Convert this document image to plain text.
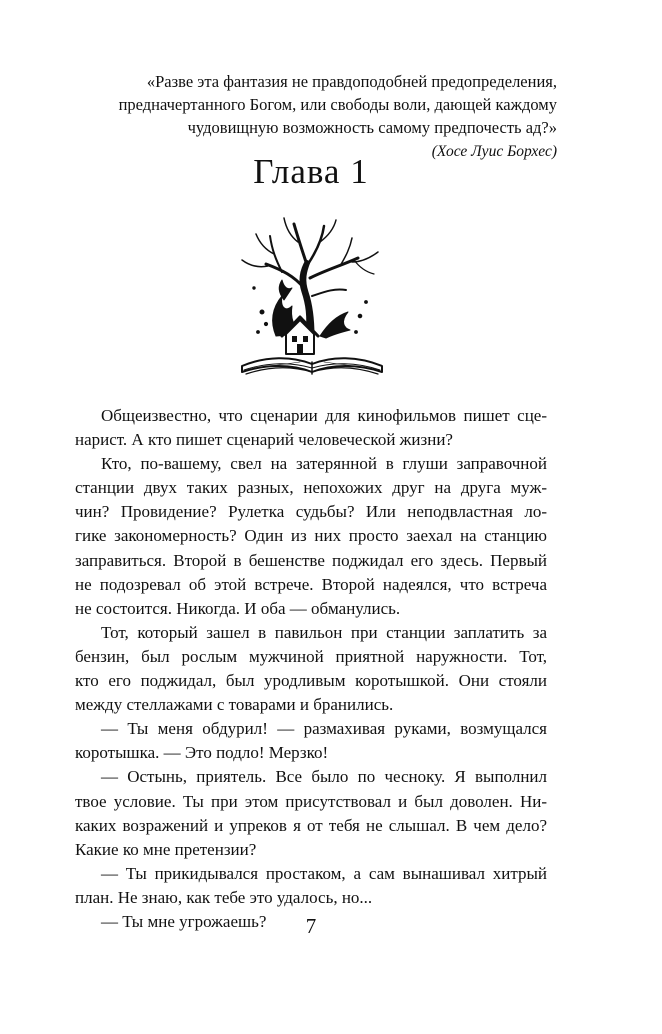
«Разве эта фантазия не правдоподобней предопределения,
предначертанного Богом, или свободы воли, дающей каждому
чудовищную возможность самому предпочесть ад?»
(Хосе Луис Борхес)
Глава 1
Общеизвестно, что сценарии для кинофильмов пишет сце-
нарист. А кто пишет сценарий человеческой жизни?
Кто, по-вашему, свел на затерянной в глуши заправочной
станции двух таких разных, непохожих друг на друга муж-
чин? Провидение? Рулетка судьбы? Или неподвластная ло-
гике закономерность? Один из них просто заехал на станцию
заправиться. Второй в бешенстве поджидал его здесь. Первый
не подозревал об этой встрече. Второй надеялся, что встреча
не состоится. Никогда. И оба — обманулись.
Тот, который зашел в павильон при станции заплатить за
бензин, был рослым мужчиной приятной наружности. Тот,
кто его поджидал, был уродливым коротышкой. Они стояли
между стеллажами с товарами и бранились.
— Ты меня обдурил! — размахивая руками, возмущался
коротышка. — Это подло! Мерзко!
— Остынь, приятель. Все было по чесноку. Я выполнил
твое условие. Ты при этом присутствовал и был доволен. Ни-
каких возражений и упреков я от тебя не слышал. В чем дело?
Какие ко мне претензии?
— Ты прикидывался простаком, а сам вынашивал хитрый
план. Не знаю, как тебе это удалось, но...
— Ты мне угрожаешь?	7
